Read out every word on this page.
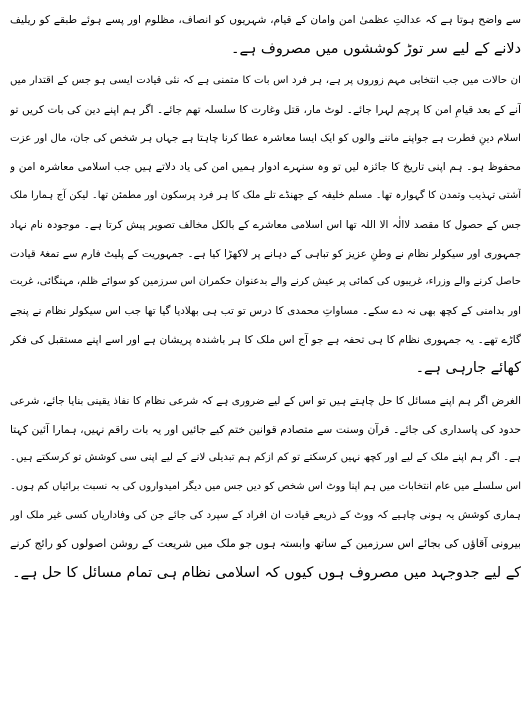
سے واضح ہوتا ہے کہ عدالتِ عظمیٰ امن وامان کے قیام، شہریوں کو انصاف، مظلوم اور پسے ہوئے طبقے کو ریلیف
دلانے کے لیے سر توڑ کوششوں میں مصروف ہے۔
ان حالات میں جب انتخابی مہم زوروں پر ہے، ہر فرد اس بات کا متمنی ہے کہ نئی قیادت ایسی ہو جس کے اقتدار میں
آنے کے بعد قیامِ امن کا پرچم لہرا جائے۔ لوٹ مار، قتل وغارت کا سلسلہ تھم جائے۔ اگر ہم اپنے دین کی بات کریں تو
اسلام دینِ فطرت ہے جواپنے ماننے والوں کو ایک ایسا معاشرہ عطا کرنا چاہتا ہے جہاں ہر شخص کی جان، مال اور عزت
محفوظ ہو۔ ہم اپنی تاریخ کا جائزہ لیں تو وہ سنہرے ادوار ہمیں امن کی یاد دلاتے ہیں جب اسلامی معاشرہ امن و
آشتی تہذیب وتمدن کا گہوارہ تھا۔ مسلم خلیفہ کے جھنڈے تلے ملک کا ہر فرد پرسکون اور مطمئن تھا۔ لیکن آج ہمارا ملک
جس کے حصول کا مقصد لاالٰہ الا اللہ تھا اس اسلامی معاشرے کے بالکل مخالف تصویر پیش کرتا ہے۔ موجودہ نام نہاد
جمہوری اور سیکولر نظام نے وطنِ عزیز کو تباہی کے دہانے پر لاکھڑا کیا ہے۔ جمہوریت کے پلیٹ فارم سے تمغۂ قیادت
حاصل کرنے والے وزراء، غریبوں کی کمائی پر عیش کرنے والے بدعنوان حکمران اس سرزمین کو سوائے ظلم، مہنگائی، غربت
اور بدامنی کے کچھ بھی نہ دے سکے۔ مساواتِ محمدی کا درس تو تب ہی بھلادیا گیا تھا جب اس سیکولر نظام نے پنجے
گاڑے تھے۔ یہ جمہوری نظام کا ہی تحفہ ہے جو آج اس ملک کا ہر باشندہ پریشان ہے اور اسے اپنے مستقبل کی فکر
کھائے جارہی ہے۔
الغرض اگر ہم اپنے مسائل کا حل چاہتے ہیں تو اس کے لیے ضروری ہے کہ شرعی نظام کا نفاذ یقینی بنایا جائے، شرعی
حدود کی پاسداری کی جائے۔ قرآن وسنت سے متصادم قوانین ختم کیے جائیں اور یہ بات راقم نہیں، ہمارا آئین کہتا
ہے۔ اگر ہم اپنے ملک کے لیے اور کچھ نہیں کرسکتے تو کم ازکم ہم تبدیلی لانے کے لیے اپنی سی کوشش تو کرسکتے ہیں۔
اس سلسلے میں عام انتخابات میں ہم اپنا ووٹ اس شخص کو دیں جس میں دیگر امیدواروں کی بہ نسبت برائیاں کم ہوں۔
ہماری کوشش یہ ہونی چاہیے کہ ووٹ کے ذریعے قیادت ان افراد کے سپرد کی جائے جن کی وفاداریاں کسی غیر ملک اور
بیرونی آقاؤں کی بجائے اس سرزمین کے ساتھ وابستہ ہوں جو ملک میں شریعت کے روشن اصولوں کو رائج کرنے
کے لیے جدوجہد میں مصروف ہوں کیوں کہ اسلامی نظام ہی تمام مسائل کا حل ہے۔
